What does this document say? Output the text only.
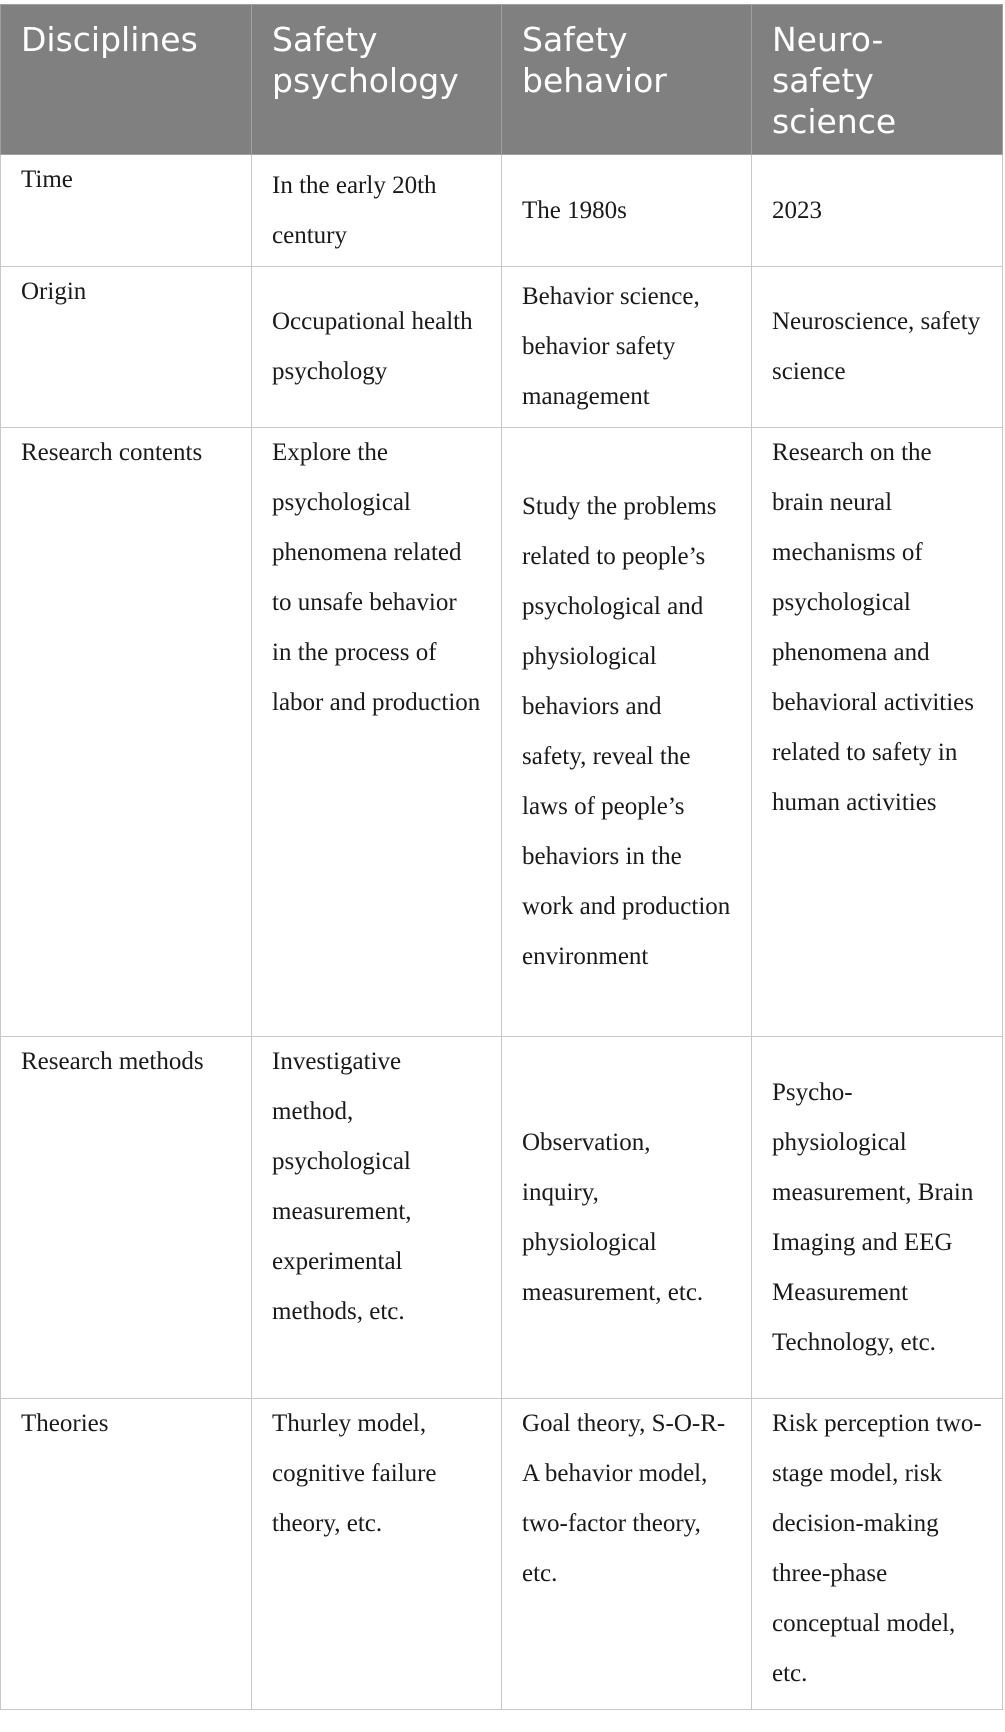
Disciplines	Safety psychology	Safety behavior	Neuro-safety science
Time	In the early 20th century	The 1980s	2023
Origin	Occupational health psychology	Behavior science, behavior safety management	Neuroscience, safety science
Research contents	Explore the psychological phenomena related to unsafe behavior in the process of labor and production	Study the problems related to people’s psychological and physiological behaviors and safety, reveal the laws of people’s behaviors in the work and production environment	Research on the brain neural mechanisms of psychological phenomena and behavioral activities related to safety in human activities
Research methods	Investigative method, psychological measurement, experimental methods, etc.	Observation, inquiry, physiological measurement, etc.	Psycho-physiological measurement, Brain Imaging and EEG Measurement Technology, etc.
Theories	Thurley model, cognitive failure theory, etc.	Goal theory, S-O-R-A behavior model, two-factor theory, etc.	Risk perception two-stage model, risk decision-making three-phase conceptual model, etc.
